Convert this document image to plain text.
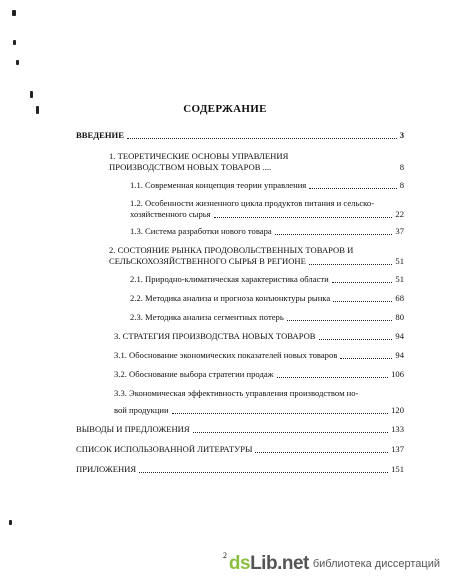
СОДЕРЖАНИЕ
ВВЕДЕНИЕ	3
1. ТЕОРЕТИЧЕСКИЕ ОСНОВЫ УПРАВЛЕНИЯ
ПРОИЗВОДСТВОМ НОВЫХ ТОВАРОВ ....	8
1.1. Современная концепция теории управления	8
1.2. Особенности жизненного цикла продуктов питания и сельско-
хозяйственного сырья	22
1.3. Система разработки нового товара	37
2. СОСТОЯНИЕ РЫНКА ПРОДОВОЛЬСТВЕННЫХ ТОВАРОВ И
СЕЛЬСКОХОЗЯЙСТВЕННОГО СЫРЬЯ В РЕГИОНЕ	51
2.1. Природно-климатическая характеристика области	51
2.2. Методика анализа и прогноза конъюнктуры рынка	68
2.3. Методика анализа сегментных потерь	80
3. СТРАТЕГИЯ ПРОИЗВОДСТВА НОВЫХ ТОВАРОВ	94
3.1. Обоснование экономических показателей новых товаров	94
3.2. Обоснование выбора стратегии продаж	106
3.3. Экономическая эффективность управления производством но-
вой продукции	120
ВЫВОДЫ И ПРЕДЛОЖЕНИЯ	133
СПИСОК ИСПОЛЬЗОВАННОЙ ЛИТЕРАТУРЫ	137
ПРИЛОЖЕНИЯ	151
2 dsLib.net библиотека диссертаций
